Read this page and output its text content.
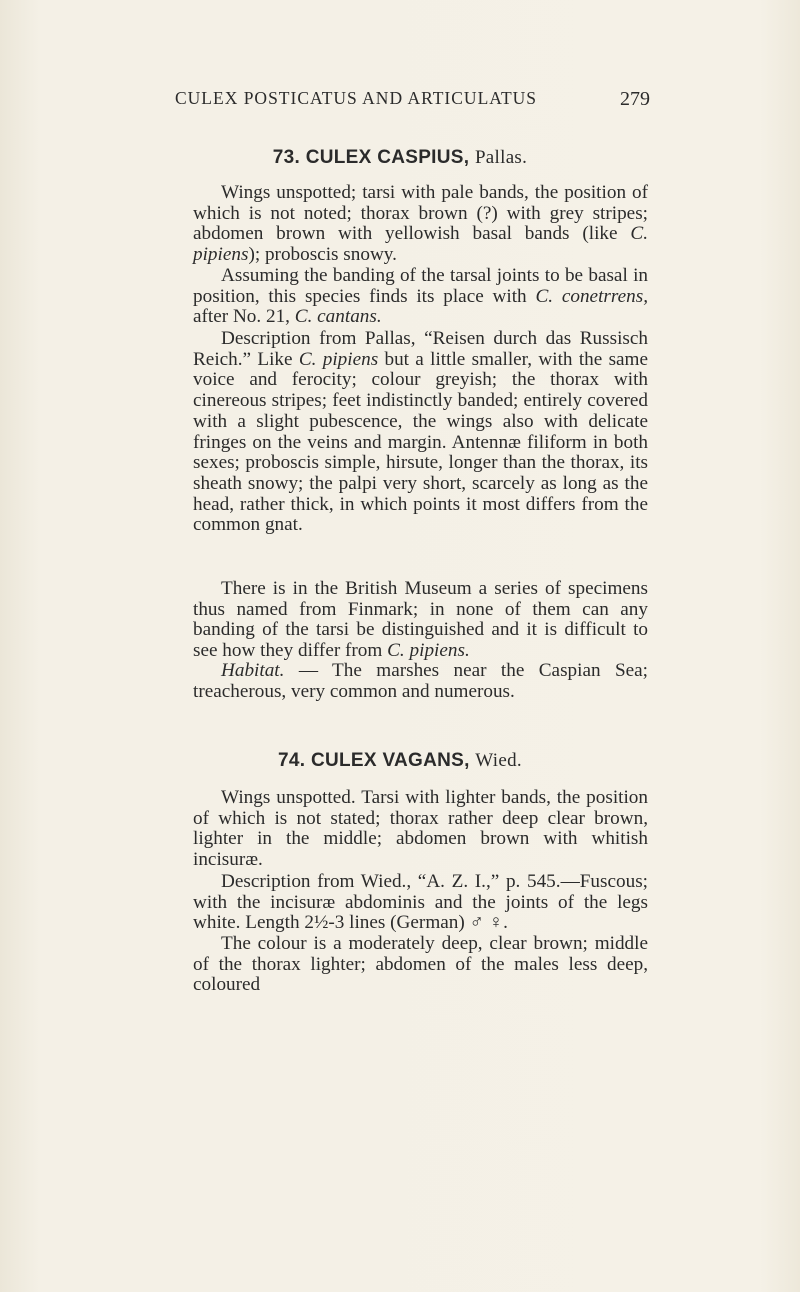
CULEX POSTICATUS AND ARTICULATUS	279
73. CULEX CASPIUS, Pallas.

Wings unspotted; tarsi with pale bands, the position of which is not noted; thorax brown (?) with grey stripes; abdomen brown with yellowish basal bands (like C. pipiens); proboscis snowy.

Assuming the banding of the tarsal joints to be basal in position, this species finds its place with C. conetrrens, after No. 21, C. cantans.

Description from Pallas, “Reisen durch das Russisch Reich.” Like C. pipiens but a little smaller, with the same voice and ferocity; colour greyish; the thorax with cinereous stripes; feet indistinctly banded; entirely covered with a slight pubescence, the wings also with delicate fringes on the veins and margin. Antennæ filiform in both sexes; proboscis simple, hirsute, longer than the thorax, its sheath snowy; the palpi very short, scarcely as long as the head, rather thick, in which points it most differs from the common gnat.

There is in the British Museum a series of specimens thus named from Finmark; in none of them can any banding of the tarsi be distinguished and it is difficult to see how they differ from C. pipiens.

Habitat. — The marshes near the Caspian Sea; treacherous, very common and numerous.

74. CULEX VAGANS, Wied.

Wings unspotted. Tarsi with lighter bands, the position of which is not stated; thorax rather deep clear brown, lighter in the middle; abdomen brown with whitish incisuræ.

Description from Wied., “A. Z. I.,” p. 545.—Fuscous; with the incisuræ abdominis and the joints of the legs white. Length 2½-3 lines (German) ♂ ♀.

The colour is a moderately deep, clear brown; middle of the thorax lighter; abdomen of the males less deep, coloured
